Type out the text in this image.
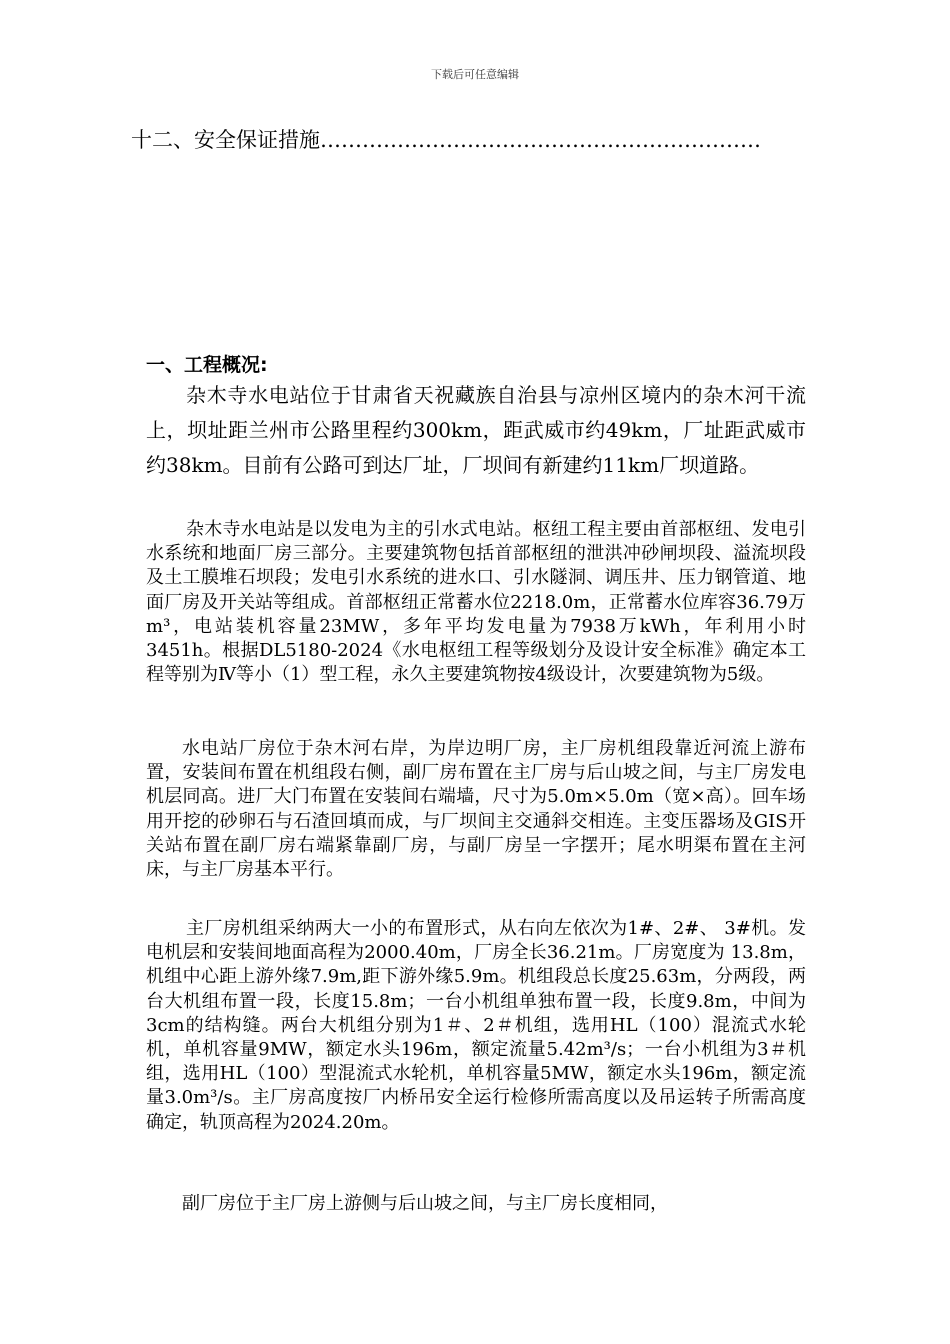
下载后可任意编辑
十二、安全保证措施………………………………………………………
一、工程概况:

杂木寺水电站位于甘肃省天祝藏族自治县与凉州区境内的杂木河干流上，坝址距兰州市公路里程约300km，距武威市约49km，厂址距武威市约38km。目前有公路可到达厂址，厂坝间有新建约11km厂坝道路。

杂木寺水电站是以发电为主的引水式电站。枢纽工程主要由首部枢纽、发电引水系统和地面厂房三部分。主要建筑物包括首部枢纽的泄洪冲砂闸坝段、溢流坝段及土工膜堆石坝段；发电引水系统的进水口、引水隧洞、调压井、压力钢管道、地面厂房及开关站等组成。首部枢纽正常蓄水位2218.0m，正常蓄水位库容36.79万m³，电站装机容量23MW，多年平均发电量为7938万kWh，年利用小时3451h。根据DL5180-2024《水电枢纽工程等级划分及设计安全标准》确定本工程等别为Ⅳ等小（1）型工程，永久主要建筑物按4级设计，次要建筑物为5级。

水电站厂房位于杂木河右岸，为岸边明厂房，主厂房机组段靠近河流上游布置，安装间布置在机组段右侧，副厂房布置在主厂房与后山坡之间，与主厂房发电机层同高。进厂大门布置在安装间右端墙，尺寸为5.0m×5.0m（宽×高）。回车场用开挖的砂卵石与石渣回填而成，与厂坝间主交通斜交相连。主变压器场及GIS开关站布置在副厂房右端紧靠副厂房，与副厂房呈一字摆开；尾水明渠布置在主河床，与主厂房基本平行。

主厂房机组采纳两大一小的布置形式，从右向左依次为1#、2#、 3#机。发电机层和安装间地面高程为2000.40m，厂房全长36.21m。厂房宽度为 13.8m，机组中心距上游外缘7.9m,距下游外缘5.9m。机组段总长度25.63m，分两段，两台大机组布置一段，长度15.8m；一台小机组单独布置一段，长度9.8m，中间为3cm的结构缝。两台大机组分别为1＃、2＃机组，选用HL（100）混流式水轮机，单机容量9MW，额定水头196m，额定流量5.42m³/s；一台小机组为3＃机组，选用HL（100）型混流式水轮机，单机容量5MW，额定水头196m，额定流量3.0m³/s。主厂房高度按厂内桥吊安全运行检修所需高度以及吊运转子所需高度确定，轨顶高程为2024.20m。

副厂房位于主厂房上游侧与后山坡之间，与主厂房长度相同，
